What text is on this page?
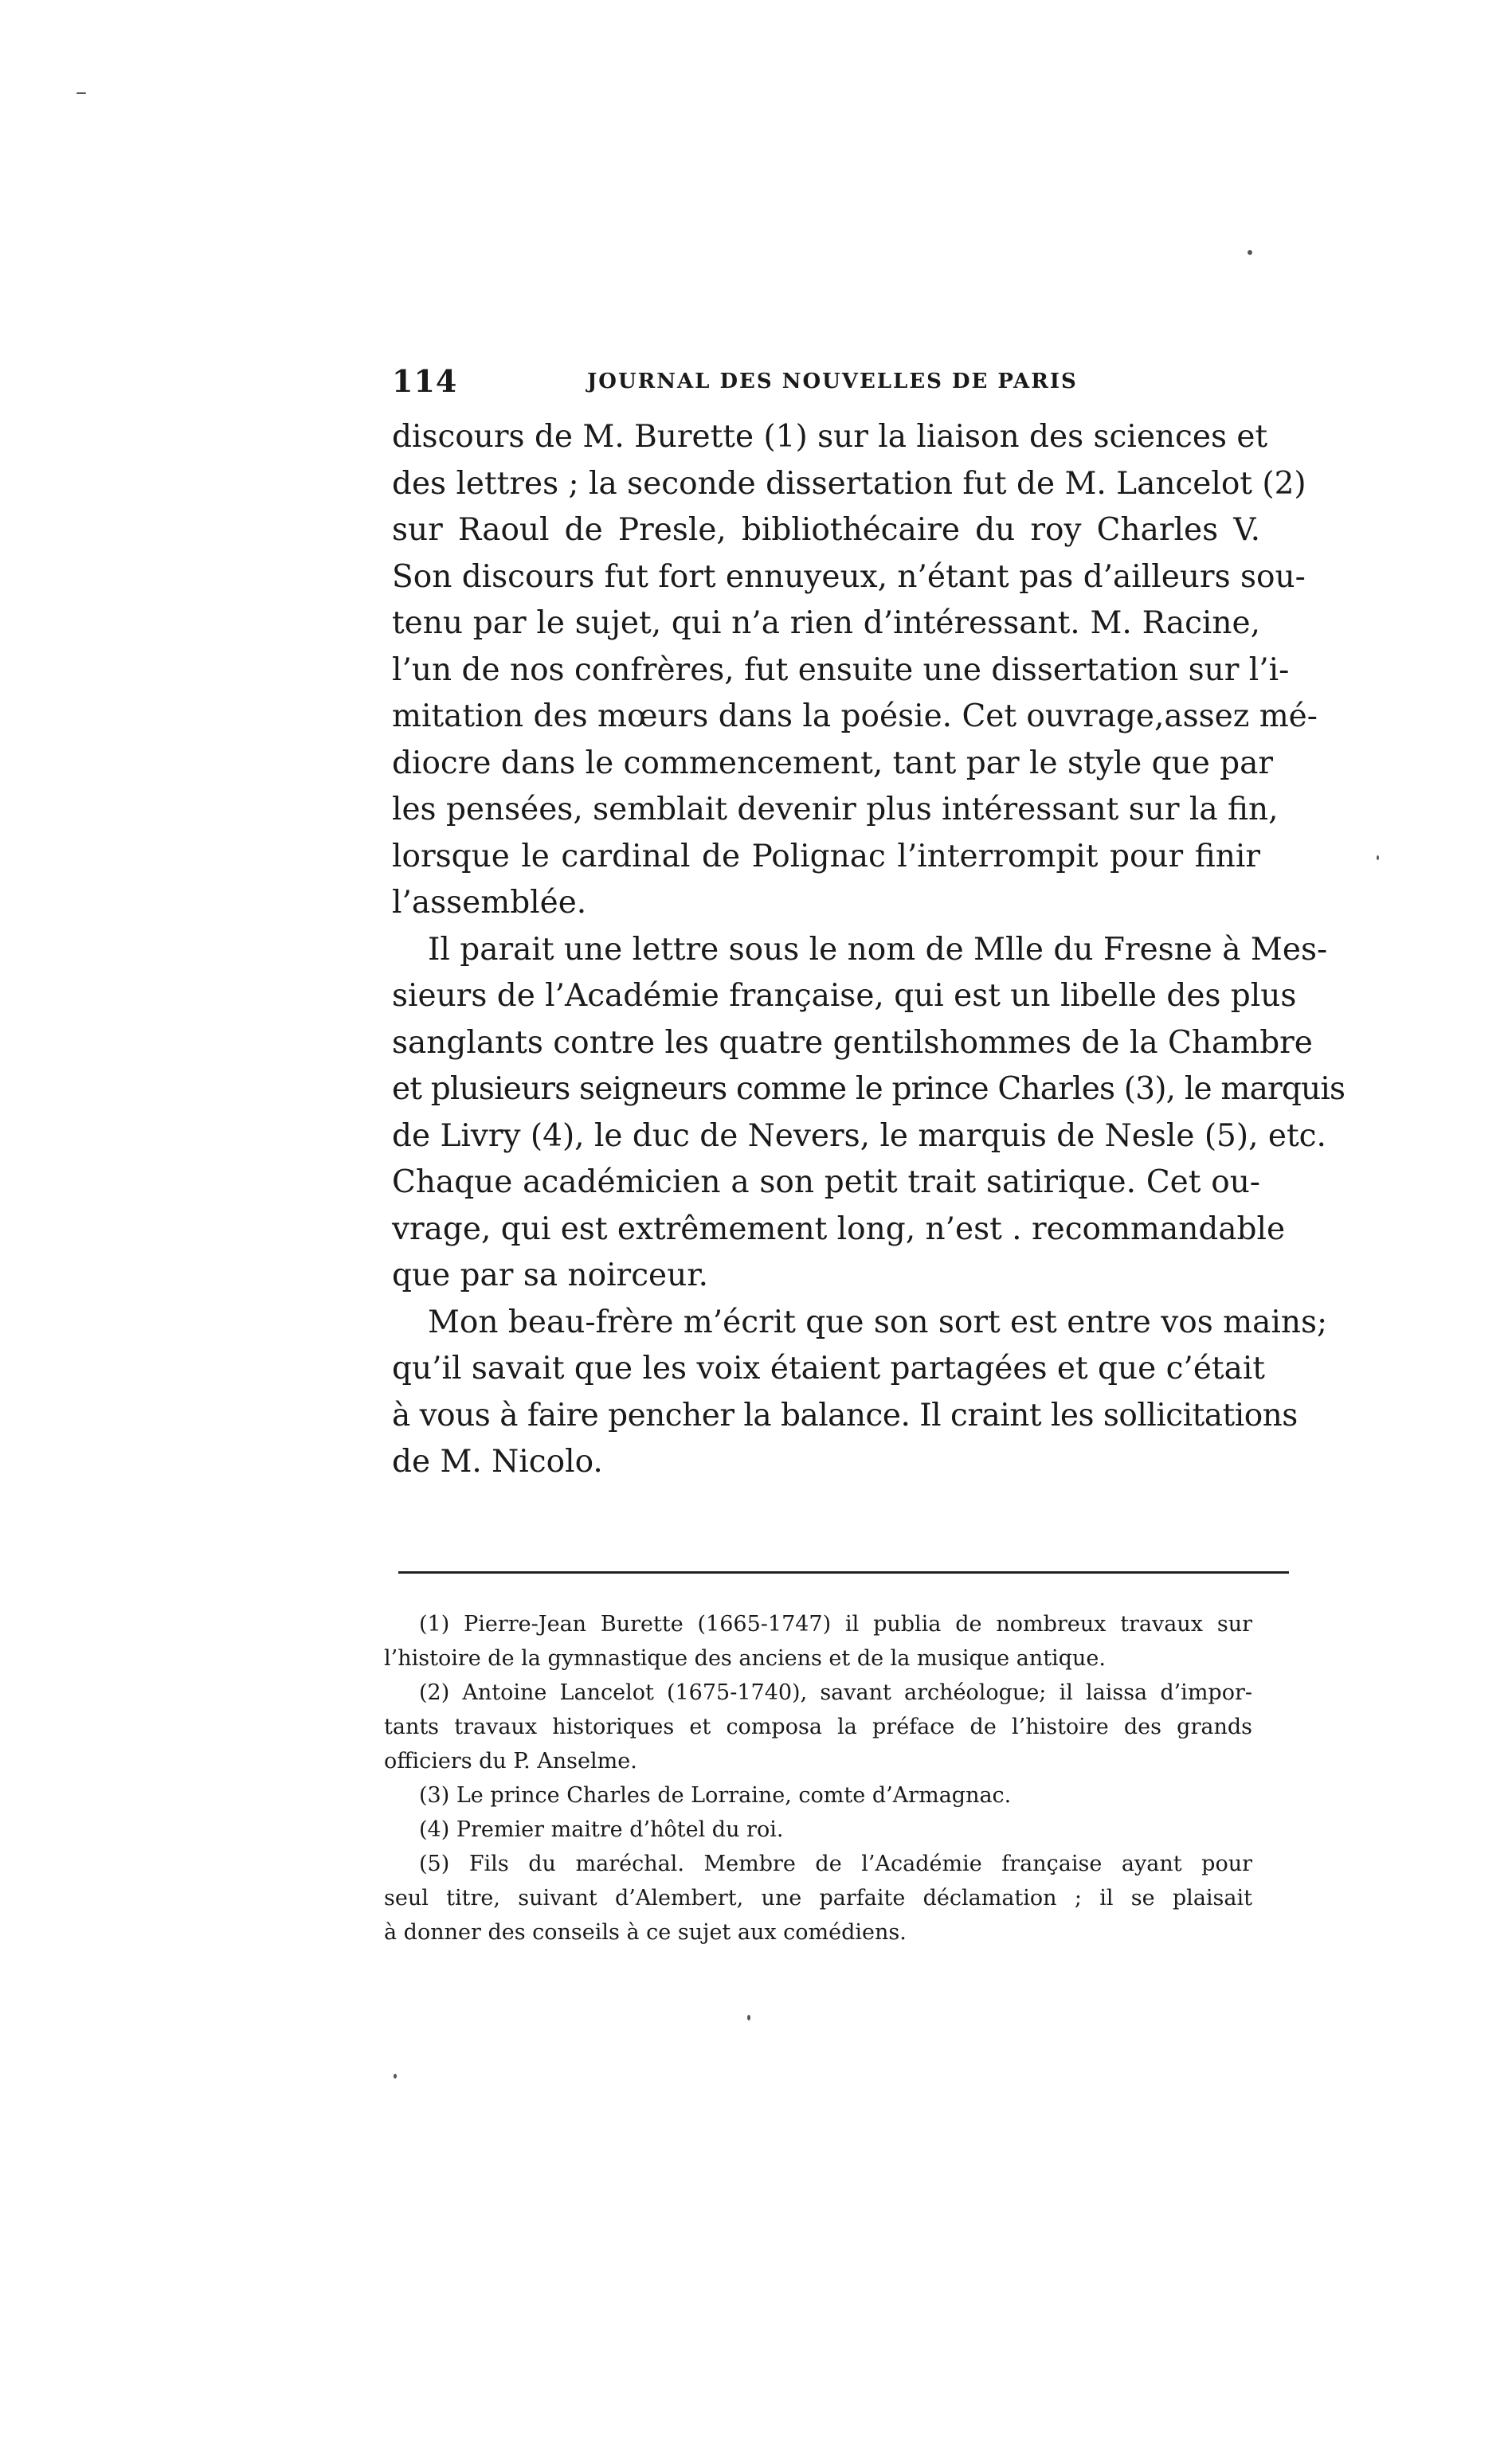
114	JOURNAL DES NOUVELLES DE PARIS

discours de M. Burette (1) sur la liaison des sciences et
des lettres ; la seconde dissertation fut de M. Lancelot (2)
sur Raoul de Presle, bibliothécaire du roy Charles V.
Son discours fut fort ennuyeux, n’étant pas d’ailleurs sou-
tenu par le sujet, qui n’a rien d’intéressant. M. Racine,
l’un de nos confrères, fut ensuite une dissertation sur l’i-
mitation des mœurs dans la poésie. Cet ouvrage,assez mé-
diocre dans le commencement, tant par le style que par
les pensées, semblait devenir plus intéressant sur la fin,
lorsque le cardinal de Polignac l’interrompit pour finir
l’assemblée.

Il parait une lettre sous le nom de Mlle du Fresne à Mes-
sieurs de l’Académie française, qui est un libelle des plus
sanglants contre les quatre gentilshommes de la Chambre
et plusieurs seigneurs comme le prince Charles (3), le marquis
de Livry (4), le duc de Nevers, le marquis de Nesle (5), etc.
Chaque académicien a son petit trait satirique. Cet ou-
vrage, qui est extrêmement long, n’est . recommandable
que par sa noirceur.

Mon beau-frère m’écrit que son sort est entre vos mains;
qu’il savait que les voix étaient partagées et que c’était
à vous à faire pencher la balance. Il craint les sollicitations
de M. Nicolo.

(1) Pierre-Jean Burette (1665-1747) il publia de nombreux travaux sur
l’histoire de la gymnastique des anciens et de la musique antique.

(2) Antoine Lancelot (1675-1740), savant archéologue; il laissa d’impor-
tants travaux historiques et composa la préface de l’histoire des grands
officiers du P. Anselme.

(3) Le prince Charles de Lorraine, comte d’Armagnac.

(4) Premier maitre d’hôtel du roi.

(5) Fils du maréchal. Membre de l’Académie française ayant pour
seul titre, suivant d’Alembert, une parfaite déclamation ; il se plaisait
à donner des conseils à ce sujet aux comédiens.
